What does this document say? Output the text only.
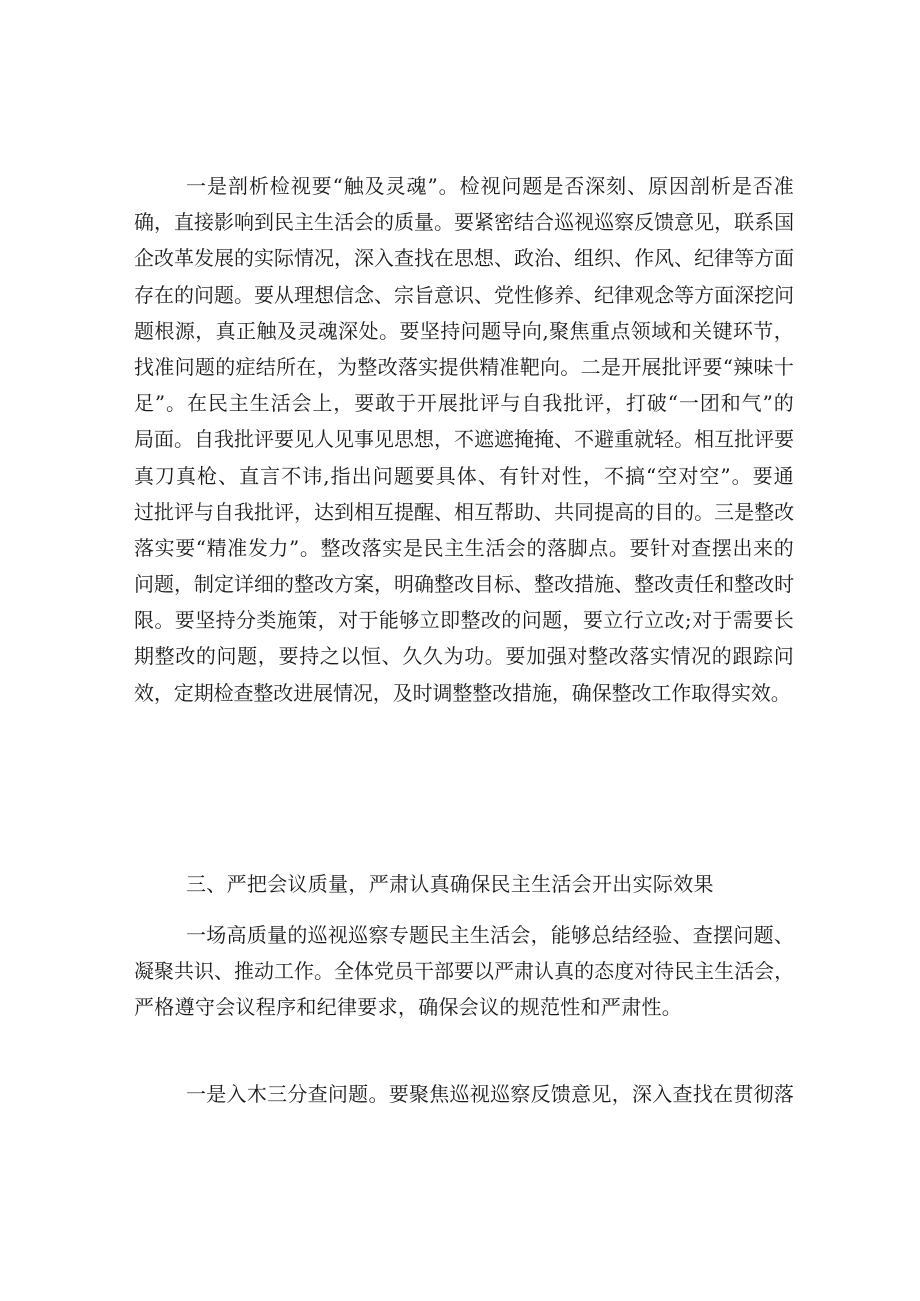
一是剖析检视要“触及灵魂”。检视问题是否深刻、原因剖析是否准
确，直接影响到民主生活会的质量。要紧密结合巡视巡察反馈意见，联系国
企改革发展的实际情况，深入查找在思想、政治、组织、作风、纪律等方面
存在的问题。要从理想信念、宗旨意识、党性修养、纪律观念等方面深挖问
题根源，真正触及灵魂深处。要坚持问题导向,聚焦重点领域和关键环节，
找准问题的症结所在，为整改落实提供精准靶向。二是开展批评要“辣味十
足”。在民主生活会上，要敢于开展批评与自我批评，打破“一团和气”的
局面。自我批评要见人见事见思想，不遮遮掩掩、不避重就轻。相互批评要
真刀真枪、直言不讳,指出问题要具体、有针对性，不搞“空对空”。要通
过批评与自我批评，达到相互提醒、相互帮助、共同提高的目的。三是整改
落实要“精准发力”。整改落实是民主生活会的落脚点。要针对查摆出来的
问题，制定详细的整改方案，明确整改目标、整改措施、整改责任和整改时
限。要坚持分类施策，对于能够立即整改的问题，要立行立改;对于需要长
期整改的问题，要持之以恒、久久为功。要加强对整改落实情况的跟踪问
效，定期检查整改进展情况，及时调整整改措施，确保整改工作取得实效。
三、严把会议质量，严肃认真确保民主生活会开出实际效果
一场高质量的巡视巡察专题民主生活会，能够总结经验、查摆问题、
凝聚共识、推动工作。全体党员干部要以严肃认真的态度对待民主生活会，
严格遵守会议程序和纪律要求，确保会议的规范性和严肃性。
一是入木三分查问题。要聚焦巡视巡察反馈意见，深入查找在贯彻落
